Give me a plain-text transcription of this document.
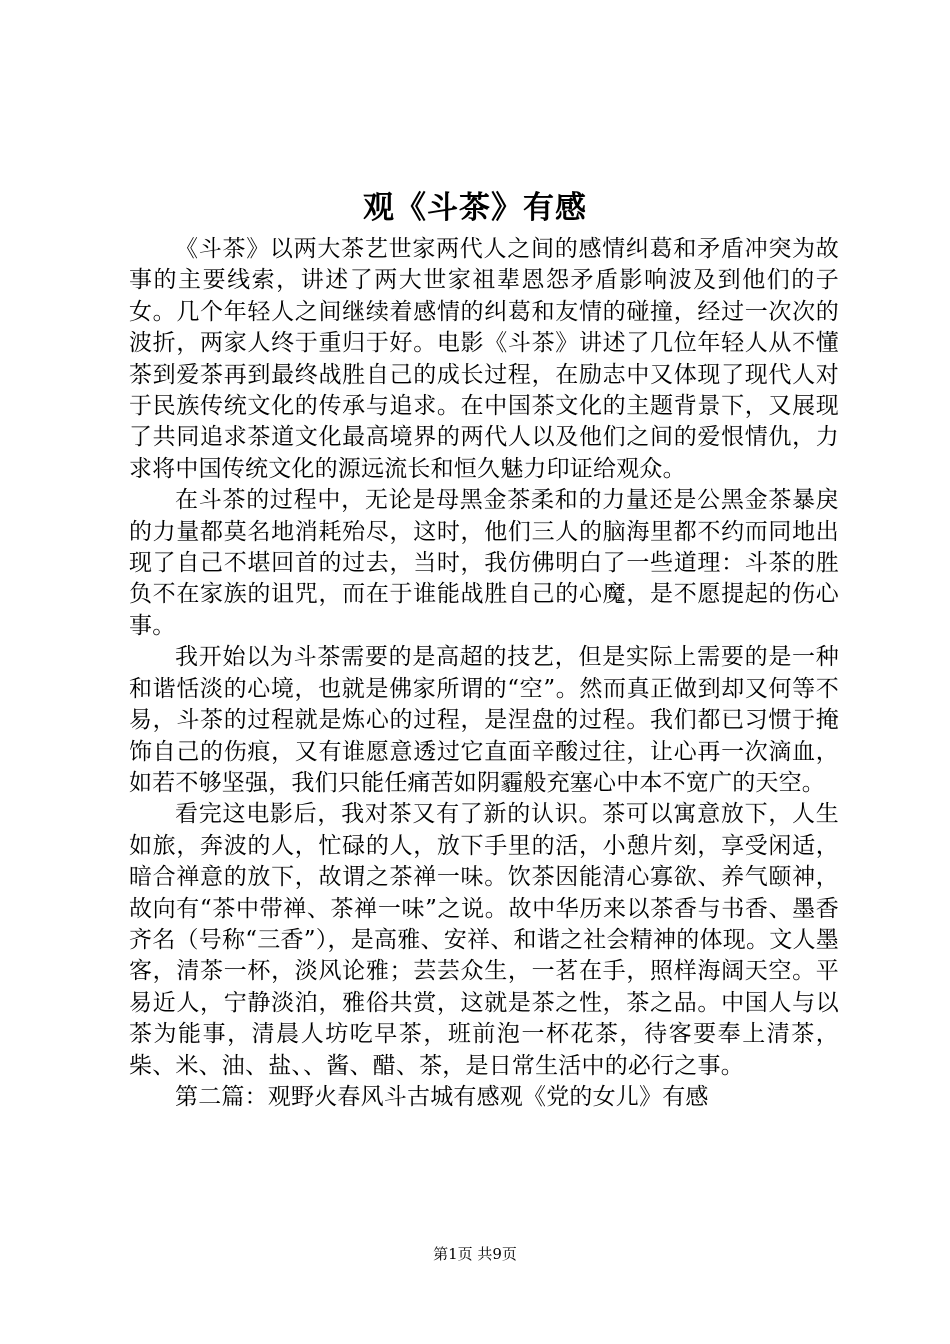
观《斗茶》有感

《斗茶》以两大茶艺世家两代人之间的感情纠葛和矛盾冲突为故事的主要线索，讲述了两大世家祖辈恩怨矛盾影响波及到他们的子女。几个年轻人之间继续着感情的纠葛和友情的碰撞，经过一次次的波折，两家人终于重归于好。电影《斗茶》讲述了几位年轻人从不懂茶到爱茶再到最终战胜自己的成长过程，在励志中又体现了现代人对于民族传统文化的传承与追求。在中国茶文化的主题背景下，又展现了共同追求茶道文化最高境界的两代人以及他们之间的爱恨情仇，力求将中国传统文化的源远流长和恒久魅力印证给观众。

在斗茶的过程中，无论是母黑金茶柔和的力量还是公黑金茶暴戾的力量都莫名地消耗殆尽，这时，他们三人的脑海里都不约而同地出现了自己不堪回首的过去，当时，我仿佛明白了一些道理：斗茶的胜负不在家族的诅咒，而在于谁能战胜自己的心魔，是不愿提起的伤心事。

我开始以为斗茶需要的是高超的技艺，但是实际上需要的是一种和谐恬淡的心境，也就是佛家所谓的“空”。然而真正做到却又何等不易，斗茶的过程就是炼心的过程，是涅盘的过程。我们都已习惯于掩饰自己的伤痕，又有谁愿意透过它直面辛酸过往，让心再一次滴血，如若不够坚强，我们只能任痛苦如阴霾般充塞心中本不宽广的天空。

看完这电影后，我对茶又有了新的认识。茶可以寓意放下，人生如旅，奔波的人，忙碌的人，放下手里的活，小憩片刻，享受闲适，暗合禅意的放下，故谓之茶禅一味。饮茶因能清心寡欲、养气颐神，故向有“茶中带禅、茶禅一味”之说。故中华历来以茶香与书香、墨香齐名（号称“三香”），是高雅、安祥、和谐之社会精神的体现。文人墨客，清茶一杯，淡风论雅；芸芸众生，一茗在手，照样海阔天空。平易近人，宁静淡泊，雅俗共赏，这就是茶之性，茶之品。中国人与以茶为能事，清晨人坊吃早茶，班前泡一杯花茶，待客要奉上清茶，柴、米、油、盐、、酱、醋、茶，是日常生活中的必行之事。

第二篇：观野火春风斗古城有感观《党的女儿》有感

第1页 共9页
